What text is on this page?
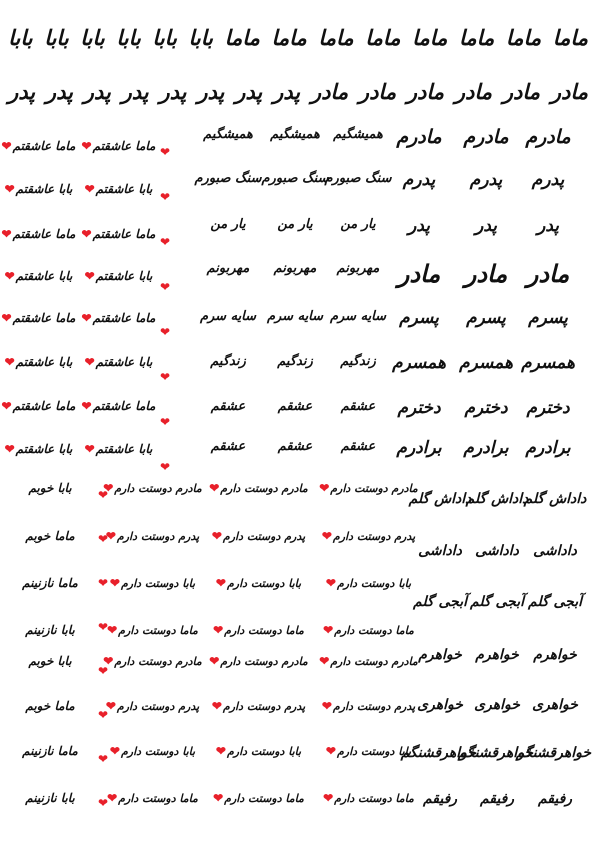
ماما
ماما
ماما
ماما
ماما
ماما
ماما
ماما
بابا
بابا
بابا
بابا
بابا
بابا
مادر
مادر
مادر
مادر
مادر
مادر
پدر
پدر
پدر
پدر
پدر
پدر
پدر
پدر
مادرم
مادرم
مادرم
همیشگیم
همیشگیم
همیشگیم
پدرم
پدرم
پدرم
سنگ صبورم
سنگ صبورم
سنگ صبورم
پدر
پدر
پدر
یار من
یار من
یار من
مادر
مادر
مادر
مهربونم
مهربونم
مهربونم
پسرم
پسرم
پسرم
سایه سرم
سایه سرم
سایه سرم
همسرم
همسرم
همسرم
زندگیم
زندگیم
زندگیم
دخترم
دخترم
دخترم
عشقم
عشقم
عشقم
برادرم
برادرم
برادرم
عشقم
عشقم
عشقم
❤
❤
❤
❤
❤
❤
❤
❤
ماما عاشقتم❤
ماما عاشقتم❤
بابا عاشقتم❤
بابا عاشقتم❤
ماما عاشقتم❤
ماما عاشقتم❤
بابا عاشقتم❤
بابا عاشقتم❤
ماما عاشقتم❤
ماما عاشقتم❤
بابا عاشقتم❤
بابا عاشقتم❤
ماما عاشقتم❤
ماما عاشقتم❤
بابا عاشقتم❤
بابا عاشقتم❤
داداش گلم
داداش گلم
داداش گلم
داداشی
داداشی
داداشی
آبجی گلم
آبجی گلم
آبجی گلم
خواهرم
خواهرم
خواهرم
خواهری
خواهری
خواهری
خواهرقشنگم
خواهرقشنگم
خواهرقشنگم
رفیقم
رفیقم
رفیقم
مادرم دوستت دارم❤
مادرم دوستت دارم❤
مادرم دوستت دارم❤
بابا خوبم
پدرم دوستت دارم❤
پدرم دوستت دارم❤
پدرم دوستت دارم❤
ماما خوبم
بابا دوستت دارم❤
بابا دوستت دارم❤
بابا دوستت دارم❤
ماما نازنینم
ماما دوستت دارم❤
ماما دوستت دارم❤
ماما دوستت دارم❤
بابا نازنینم
مادرم دوستت دارم❤
مادرم دوستت دارم❤
مادرم دوستت دارم❤
بابا خوبم
پدرم دوستت دارم❤
پدرم دوستت دارم❤
پدرم دوستت دارم❤
ماما خوبم
بابا دوستت دارم❤
بابا دوستت دارم❤
بابا دوستت دارم❤
ماما نازنینم
ماما دوستت دارم❤
ماما دوستت دارم❤
ماما دوستت دارم❤
بابا نازنینم
❤
❤
❤
❤
❤
❤
❤
❤
